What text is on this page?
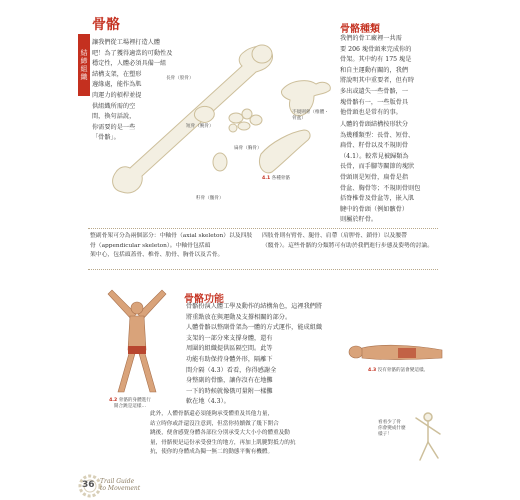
結締組織
骨骼
讓我們從工場裡打造人體
吧！為了獲得適當的可動性及
穩定性，人體必須具備一組
結構支架，在塑形
邊緣處，能作為肌
肉運力的槓桿並提
供組織所需的空
間，換句話說，
你需要的是一些
「骨骼」。
長骨（股骨）
短骨（腕骨）
不規則骨（椎體・骨盆）
籽骨（髕骨）
扁骨（胸骨）
4.1 各種骨骼
骨骼種類
我們的骨工廠裡一共需
要 206 塊骨頭來完成你的
骨架。其中約有 175 塊是
和自主運動有關的，我們
將說明其中重要者，但有時
多出或遺失一些骨骼，一
塊骨骼有一，一些版骨具
他骨頭也是常有的事。
人體的骨頭結構按形狀分
為幾種類型：長骨、短骨、
扁骨、籽骨以及不規則骨
（4.1）。較常見被歸類為
長骨，而手腳等關節的塊狀
骨頭則是短骨，扁骨是指
骨盆、胸骨等；不規則骨則包
括脊椎骨及骨盆等，嵌入肌
腱中的骨頭（例如髕骨）
則屬於籽骨。
整副骨架可分為兩個部分：中軸骨（axial skeleton）以及四肢骨（appendicular skeleton）。中軸骨包括頭
架中心，包括頭蓋骨、椎骨、肋骨、胸骨以及舌骨。
四肢骨則有臂骨、腿骨、肩帶（肩胛骨、鎖骨）以及腰帶
（髖骨）。這些骨骼的分類將可有助於我們進行步態及姿勢的討論。
骨骼功能
骨骼扮演人體工學及動作的結構角色，這裡我們將
將重點放在與運動及支撐相關的部分。
人體骨骼以整副骨架為一體的方式運作，能成組織
支架的一部分來支撐身體，還有
周圍的組織提供區隔空間。此等
功能有助保持身體外形，隔離下
間介隔（4.3）看看，你得感謝全
身整副的骨骼，讓你沒有在地攤
一下的時候就像俄可量附一樣攤
軟在地（4.3）。
此外，人體骨骼還必須能夠承受體重及其他力量，
站立時你或許還沒注意到，但當你持續做了幾下開合
跳後，便會感覺身體各部位分別承受大大小小的體重及動
量，骨骼便是這份承受發生的地方，再加上肌腱對抵力的抗
抗，使你的身體成為獨一無二的動態平衡有機體。
4.2 骨骼的身體進行
開合跳是這樣…
4.3 沒有骨骼的話會變這樣。
看看少了骨
你會變成什麼
樣子！
36 Trail Guide
to Movement
